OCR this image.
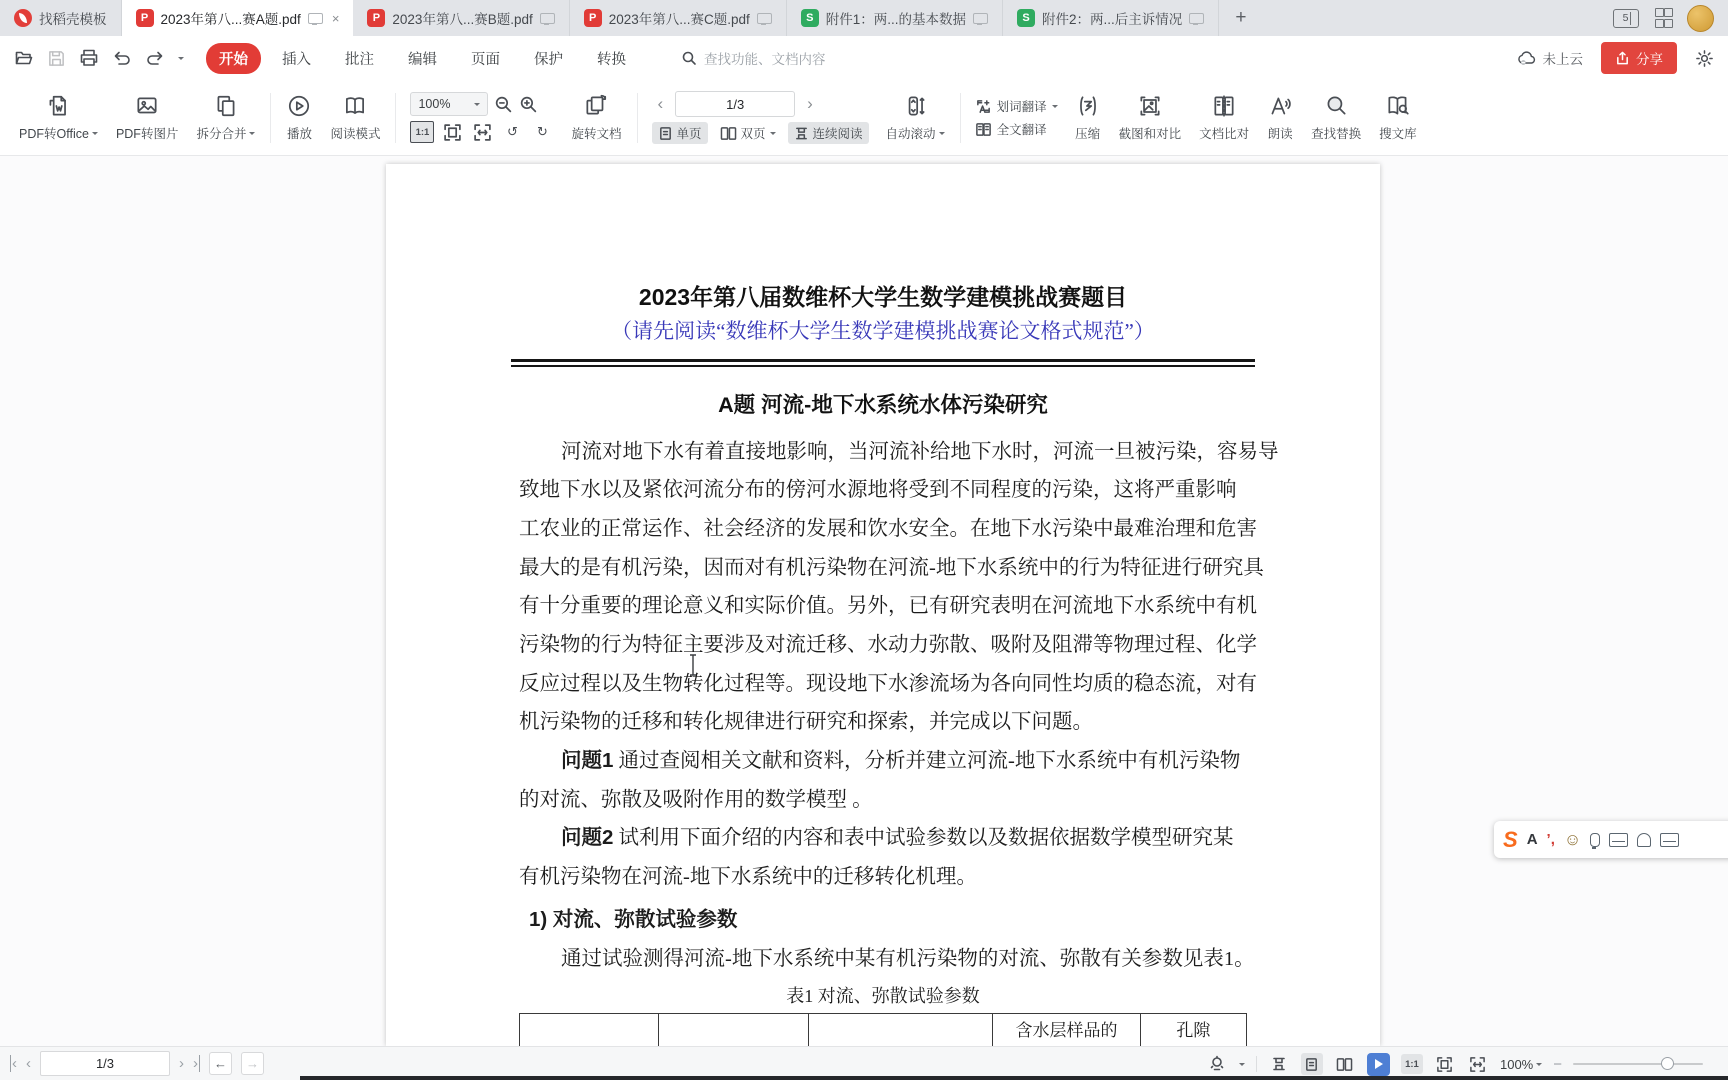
找稻壳模板	P 2023年第八...赛A题.pdf ×	P 2023年第八...赛B题.pdf	P 2023年第八...赛C题.pdf	S 附件1：两...的基本数据	S 附件2：两...后主诉情况	+	5
开始	插入	批注	编辑	页面	保护	转换	查找功能、文档内容	未上云	分享
PDF转Office PDF转图片 拆分合并	播放 阅读模式
100%
1:1	↺	↻	旋转文档
‹	1/3	›
单页	双页	连续阅读 自动滚动
划词翻译
全文翻译 压缩 截图和对比 文档比对 朗读 查找替换 搜文库
2023年第八届数维杯大学生数学建模挑战赛题目
（请先阅读“数维杯大学生数学建模挑战赛论文格式规范”）
A题 河流-地下水系统水体污染研究
河流对地下水有着直接地影响，当河流补给地下水时，河流一旦被污染，容易导
致地下水以及紧依河流分布的傍河水源地将受到不同程度的污染，这将严重影响
工农业的正常运作、社会经济的发展和饮水安全。在地下水污染中最难治理和危害
最大的是有机污染，因而对有机污染物在河流-地下水系统中的行为特征进行研究具
有十分重要的理论意义和实际价值。另外，已有研究表明在河流地下水系统中有机
污染物的行为特征主要涉及对流迁移、水动力弥散、吸附及阻滞等物理过程、化学
反应过程以及生物转化过程等。现设地下水渗流场为各向同性均质的稳态流，对有
机污染物的迁移和转化规律进行研究和探索，并完成以下问题。
问题1 通过查阅相关文献和资料，分析并建立河流-地下水系统中有机污染物
的对流、弥散及吸附作用的数学模型 。
问题2 试利用下面介绍的内容和表中试验参数以及数据依据数学模型研究某
有机污染物在河流-地下水系统中的迁移转化机理。
1) 对流、弥散试验参数
通过试验测得河流-地下水系统中某有机污染物的对流、弥散有关参数见表1。
表1 对流、弥散试验参数
			含水层样品的	孔隙
S A ’, ☺
‹ ‹	1/3	› ›	←	→	1:1	100% −
